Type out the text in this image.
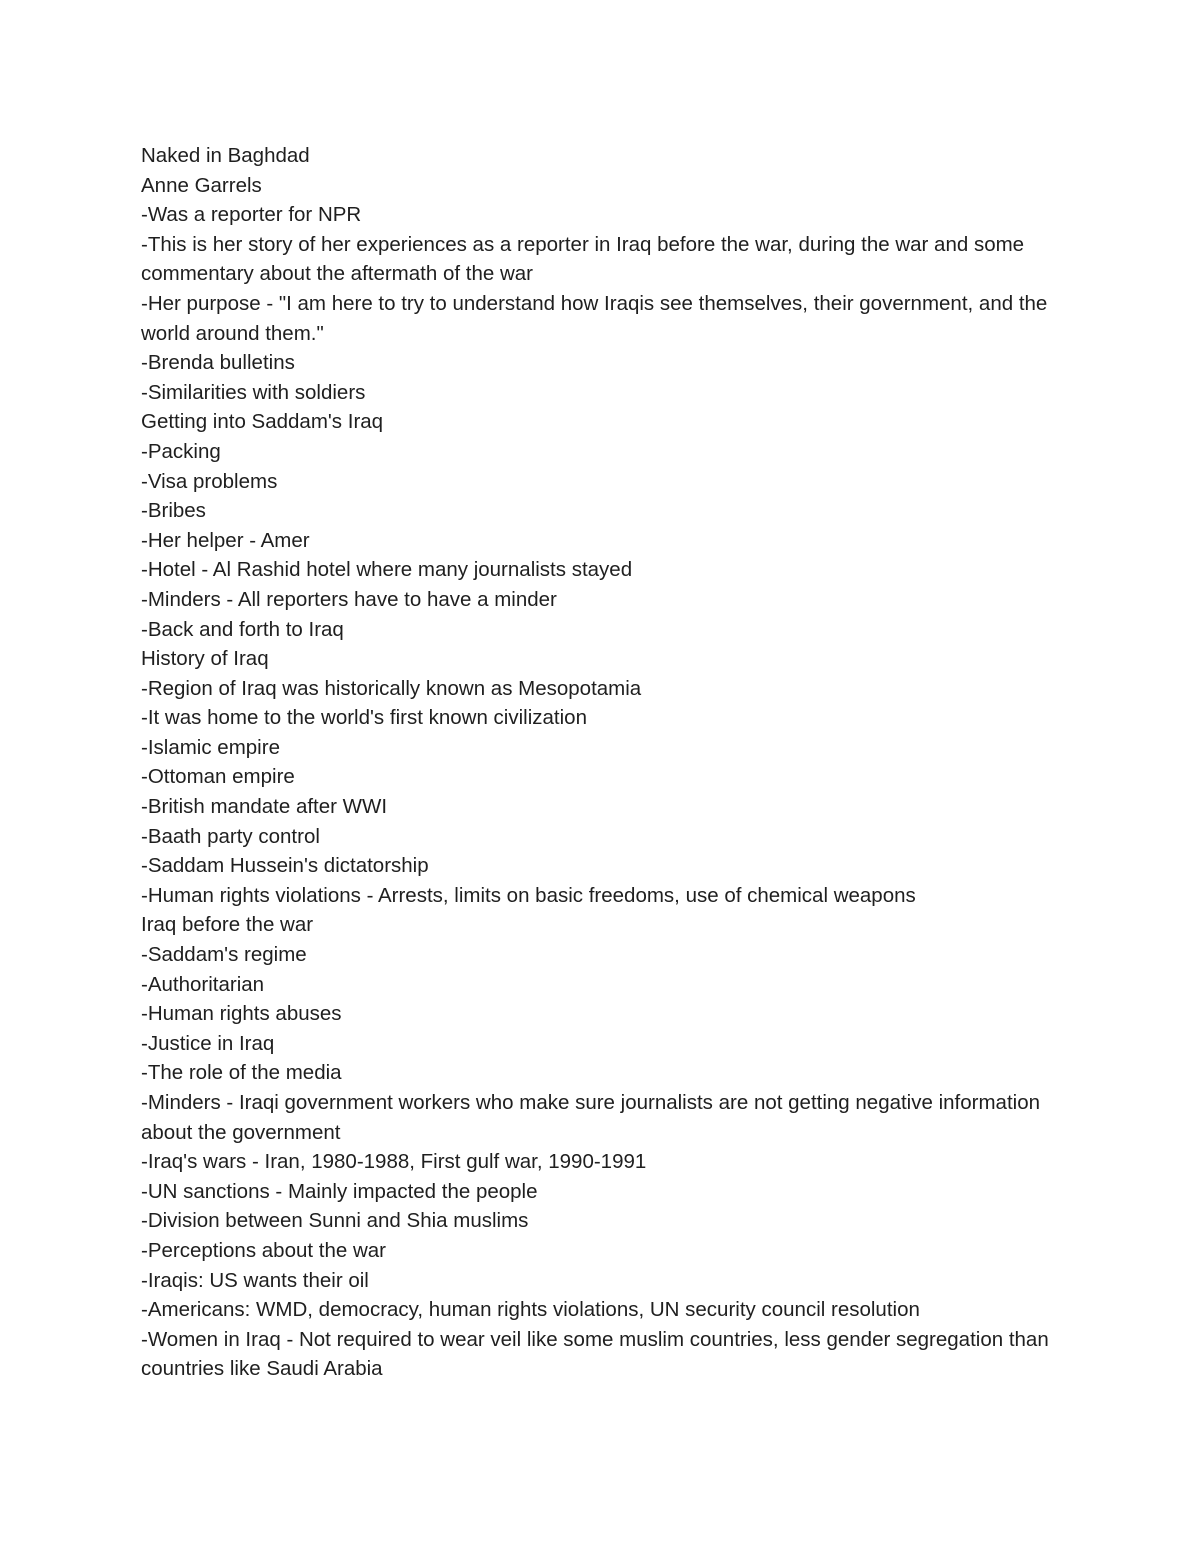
Naked in Baghdad

Anne Garrels

-Was a reporter for NPR

-This is her story of her experiences as a reporter in Iraq before the war, during the war and some commentary about the aftermath of the war

-Her purpose - "I am here to try to understand how Iraqis see themselves, their government, and the world around them."

-Brenda bulletins

-Similarities with soldiers

Getting into Saddam's Iraq

-Packing

-Visa problems

-Bribes

-Her helper - Amer

-Hotel - Al Rashid hotel where many journalists stayed

-Minders - All reporters have to have a minder

-Back and forth to Iraq

History of Iraq

-Region of Iraq was historically known as Mesopotamia

-It was home to the world's first known civilization

-Islamic empire

-Ottoman empire

-British mandate after WWI

-Baath party control

-Saddam Hussein's dictatorship

-Human rights violations - Arrests, limits on basic freedoms, use of chemical weapons

Iraq before the war

-Saddam's regime

-Authoritarian

-Human rights abuses

-Justice in Iraq

-The role of the media

-Minders - Iraqi government workers who make sure journalists are not getting negative information about the government

-Iraq's wars - Iran, 1980-1988, First gulf war, 1990-1991

-UN sanctions - Mainly impacted the people

-Division between Sunni and Shia muslims

-Perceptions about the war

-Iraqis: US wants their oil

-Americans: WMD, democracy, human rights violations, UN security council resolution

-Women in Iraq - Not required to wear veil like some muslim countries, less gender segregation than countries like Saudi Arabia
